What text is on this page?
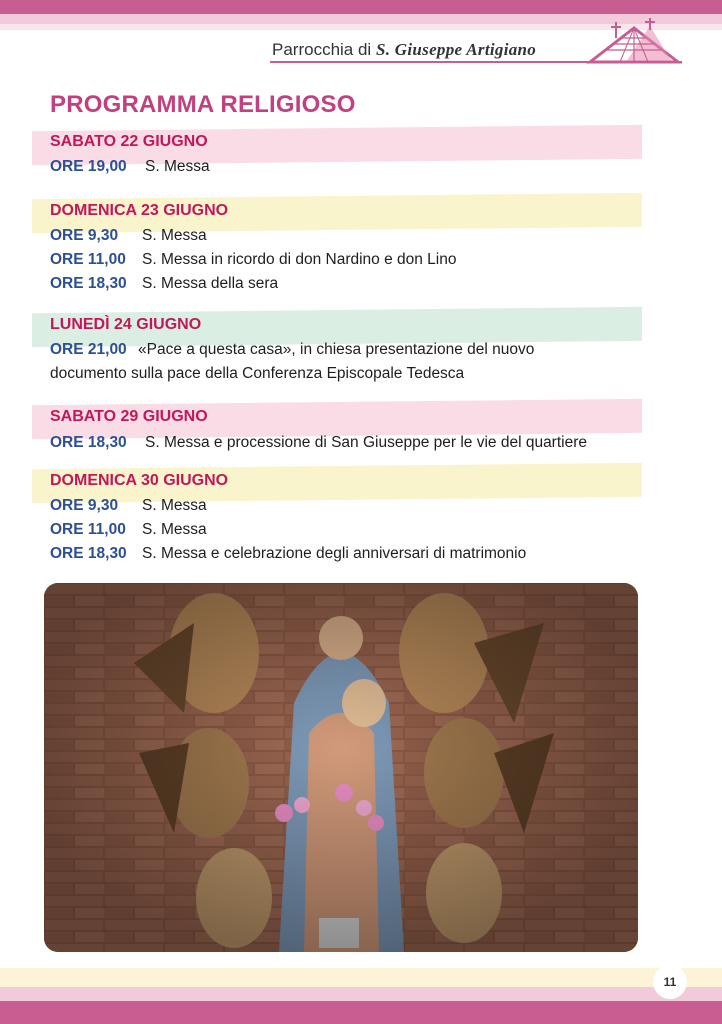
Parrocchia di S. Giuseppe Artigiano
PROGRAMMA RELIGIOSO
SABATO 22 GIUGNO
ORE 19,00 S. Messa
DOMENICA 23 GIUGNO
ORE 9,30 S. Messa
ORE 11,00 S. Messa in ricordo di don Nardino e don Lino
ORE 18,30 S. Messa della sera
LUNEDÌ 24 GIUGNO
ORE 21,00 «Pace a questa casa», in chiesa presentazione del nuovo
documento sulla pace della Conferenza Episcopale Tedesca
SABATO 29 GIUGNO
ORE 18,30 S. Messa e processione di San Giuseppe per le vie del quartiere
DOMENICA 30 GIUGNO
ORE 9,30 S. Messa
ORE 11,00 S. Messa
ORE 18,30 S. Messa e celebrazione degli anniversari di matrimonio
11
